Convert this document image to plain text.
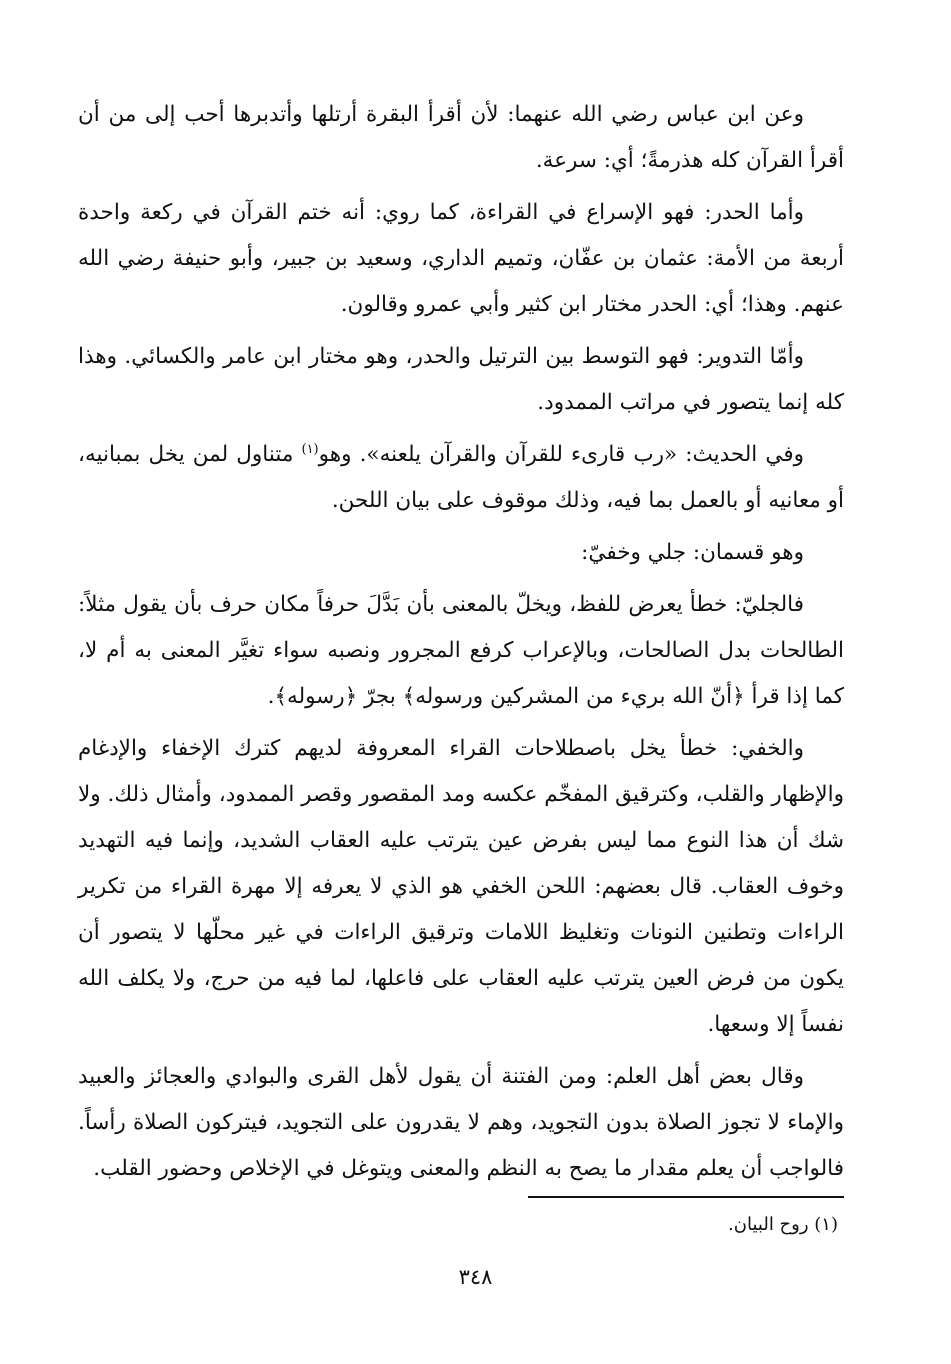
وعن ابن عباس رضي الله عنهما: لأن أقرأ البقرة أرتلها وأتدبرها أحب إلى من أن أقرأ القرآن كله هذرمةً؛ أي: سرعة.

وأما الحدر: فهو الإسراع في القراءة، كما روي: أنه ختم القرآن في ركعة واحدة أربعة من الأمة: عثمان بن عفّان، وتميم الداري، وسعيد بن جبير، وأبو حنيفة رضي الله عنهم. وهذا؛ أي: الحدر مختار ابن كثير وأبي عمرو وقالون.

وأمّا التدوير: فهو التوسط بين الترتيل والحدر، وهو مختار ابن عامر والكسائي. وهذا كله إنما يتصور في مراتب الممدود.

وفي الحديث: «رب قارىء للقرآن والقرآن يلعنه». وهو$^{(١)}$ متناول لمن يخل بمبانيه، أو معانيه أو بالعمل بما فيه، وذلك موقوف على بيان اللحن.

وهو قسمان: جلي وخفيّ:

فالجليّ: خطأ يعرض للفظ، ويخلّ بالمعنى بأن بَدَّلَ حرفاً مكان حرف بأن يقول مثلاً: الطالحات بدل الصالحات، وبالإعراب كرفع المجرور ونصبه سواء تغيَّر المعنى به أم لا، كما إذا قرأ ﴿أنّ الله بريء من المشركين ورسوله﴾ بجرّ ﴿رسوله﴾.

والخفي: خطأ يخل باصطلاحات القراء المعروفة لديهم كترك الإخفاء والإدغام والإظهار والقلب، وكترقيق المفخّم عكسه ومد المقصور وقصر الممدود، وأمثال ذلك. ولا شك أن هذا النوع مما ليس بفرض عين يترتب عليه العقاب الشديد، وإنما فيه التهديد وخوف العقاب. قال بعضهم: اللحن الخفي هو الذي لا يعرفه إلا مهرة القراء من تكرير الراءات وتطنين النونات وتغليظ اللامات وترقيق الراءات في غير محلّها لا يتصور أن يكون من فرض العين يترتب عليه العقاب على فاعلها، لما فيه من حرج، ولا يكلف الله نفساً إلا وسعها.

وقال بعض أهل العلم: ومن الفتنة أن يقول لأهل القرى والبوادي والعجائز والعبيد والإماء لا تجوز الصلاة بدون التجويد، وهم لا يقدرون على التجويد، فيتركون الصلاة رأساً. فالواجب أن يعلم مقدار ما يصح به النظم والمعنى ويتوغل في الإخلاص وحضور القلب.

(١) روح البيان.
٣٤٨
